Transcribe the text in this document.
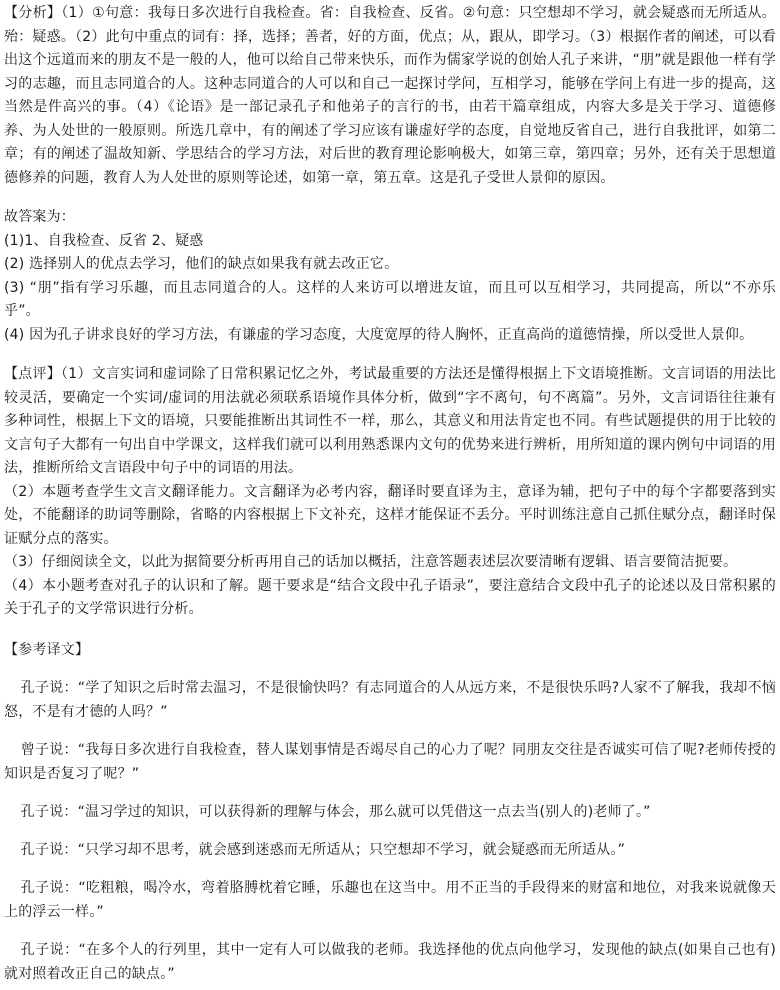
【分析】（1）①句意：我每日多次进行自我检查。省：自我检查、反省。②句意：只空想却不学习，就会疑惑而无所适从。殆：疑惑。（2）此句中重点的词有：择，选择；善者，好的方面，优点；从，跟从，即学习。（3）根据作者的阐述，可以看出这个远道而来的朋友不是一般的人，他可以给自己带来快乐，而作为儒家学说的创始人孔子来讲，“朋”就是跟他一样有学习的志趣，而且志同道合的人。这种志同道合的人可以和自己一起探讨学问，互相学习，能够在学问上有进一步的提高，这当然是件高兴的事。（4）《论语》是一部记录孔子和他弟子的言行的书，由若干篇章组成，内容大多是关于学习、道德修养、为人处世的一般原则。所选几章中，有的阐述了学习应该有谦虚好学的态度，自觉地反省自己，进行自我批评，如第二章；有的阐述了温故知新、学思结合的学习方法，对后世的教育理论影响极大，如第三章，第四章；另外，还有关于思想道德修养的问题，教育人为人处世的原则等论述，如第一章，第五章。这是孔子受世人景仰的原因。

故答案为：

(1)1、自我检查、反省 2、疑惑

(2) 选择别人的优点去学习，他们的缺点如果我有就去改正它。

(3) “朋”指有学习乐趣，而且志同道合的人。这样的人来访可以增进友谊，而且可以互相学习，共同提高，所以“不亦乐乎”。

(4) 因为孔子讲求良好的学习方法，有谦虚的学习态度，大度宽厚的待人胸怀，正直高尚的道德情操，所以受世人景仰。

【点评】（1）文言实词和虚词除了日常积累记忆之外，考试最重要的方法还是懂得根据上下文语境推断。文言词语的用法比较灵活，要确定一个实词/虚词的用法就必须联系语境作具体分析，做到“字不离句，句不离篇”。另外，文言词语往往兼有多种词性，根据上下文的语境，只要能推断出其词性不一样，那么，其意义和用法肯定也不同。有些试题提供的用于比较的文言句子大都有一句出自中学课文，这样我们就可以利用熟悉课内文句的优势来进行辨析，用所知道的课内例句中词语的用法，推断所给文言语段中句子中的词语的用法。

（2）本题考查学生文言文翻译能力。文言翻译为必考内容，翻译时要直译为主，意译为辅，把句子中的每个字都要落到实处，不能翻译的助词等删除，省略的内容根据上下文补充，这样才能保证不丢分。平时训练注意自己抓住赋分点，翻译时保证赋分点的落实。

（3）仔细阅读全文，以此为据简要分析再用自己的话加以概括，注意答题表述层次要清晰有逻辑、语言要简洁扼要。

（4）本小题考查对孔子的认识和了解。题干要求是“结合文段中孔子语录”，要注意结合文段中孔子的论述以及日常积累的关于孔子的文学常识进行分析。

【参考译文】

孔子说：“学了知识之后时常去温习，不是很愉快吗？有志同道合的人从远方来，不是很快乐吗?人家不了解我，我却不恼怒，不是有才德的人吗？”

曾子说：“我每日多次进行自我检查，替人谋划事情是否竭尽自己的心力了呢？同朋友交往是否诚实可信了呢?老师传授的知识是否复习了呢？”

孔子说：“温习学过的知识，可以获得新的理解与体会，那么就可以凭借这一点去当(别人的)老师了。”

孔子说：“只学习却不思考，就会感到迷惑而无所适从；只空想却不学习，就会疑惑而无所适从。”

孔子说：“吃粗粮，喝冷水，弯着胳膊枕着它睡，乐趣也在这当中。用不正当的手段得来的财富和地位，对我来说就像天上的浮云一样。”

孔子说：“在多个人的行列里，其中一定有人可以做我的老师。我选择他的优点向他学习，发现他的缺点(如果自己也有)就对照着改正自己的缺点。”
